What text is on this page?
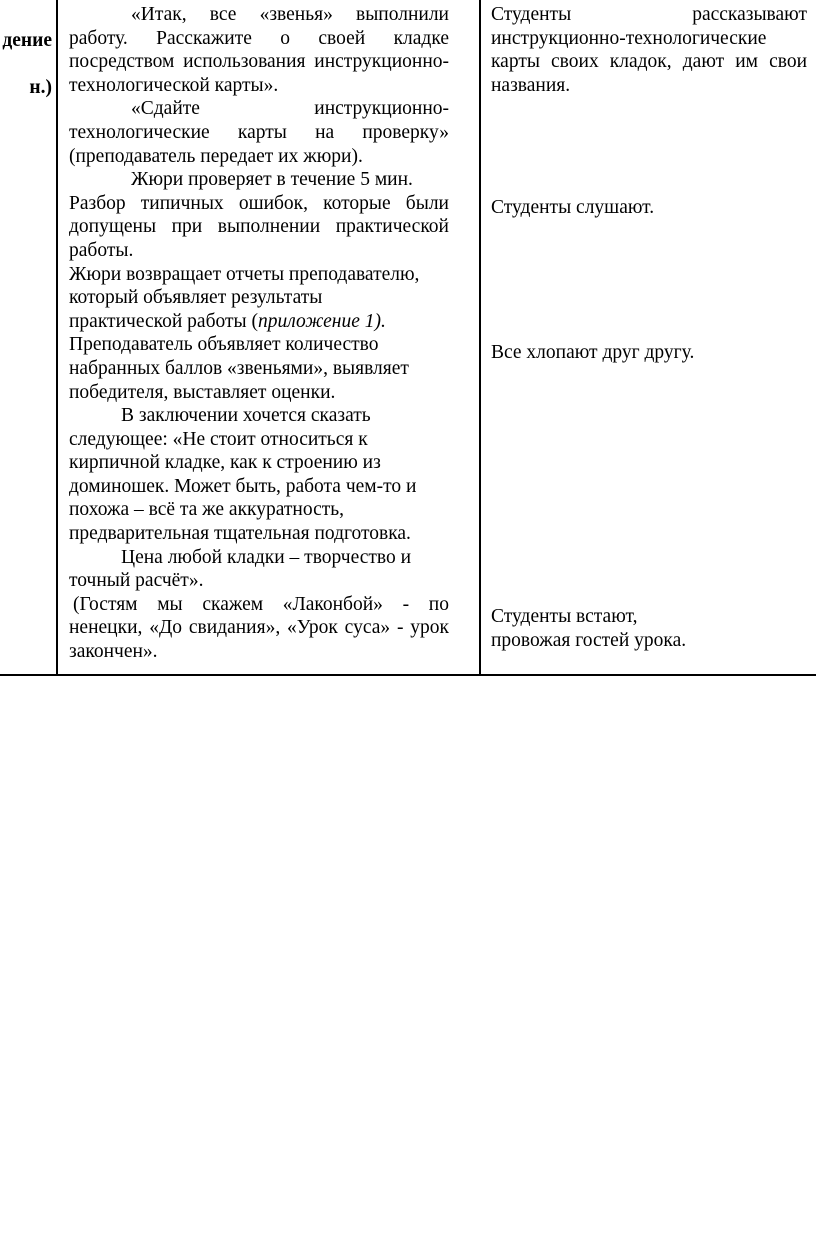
дение
н.)

«Итак, все «звенья» выполнили работу. Расскажите о своей кладке посредством использования инструкционно-технологической карты».

«Сдайте инструкционно-технологические карты на проверку» (преподаватель передает их жюри).

Жюри проверяет в течение 5 мин.

Разбор типичных ошибок, которые были допущены при выполнении практической работы.

Жюри возвращает отчеты преподавателю,
который объявляет результаты
практической работы (приложение 1).

Преподаватель объявляет количество
набранных баллов «звеньями», выявляет
победителя, выставляет оценки.

В заключении хочется сказать
следующее: «Не стоит относиться к
кирпичной кладке, как к строению из
доминошек. Может быть, работа чем-то и
похожа – всё та же аккуратность,
предварительная тщательная подготовка.

Цена любой кладки – творчество и
точный расчёт».

(Гостям мы скажем «Лаконбой» - по ненецки, «До свидания», «Урок суса» - урок закончен».

Студенты рассказывают инструкционно-технологические карты своих кладок, дают им свои названия.

Студенты слушают.

Все хлопают друг другу.

Студенты встают,
провожая гостей урока.
